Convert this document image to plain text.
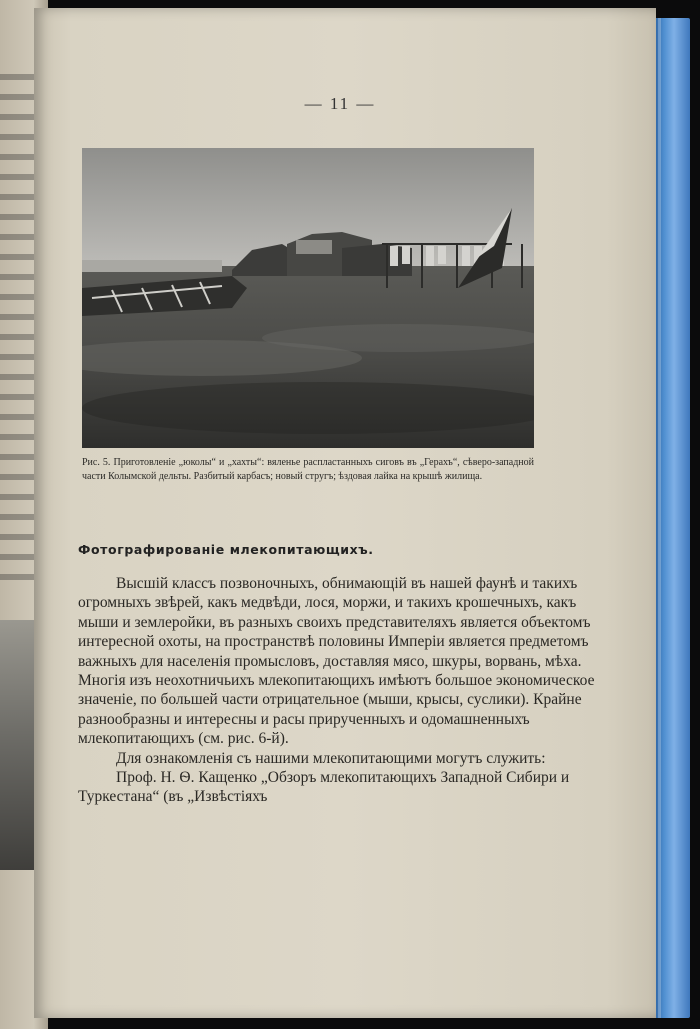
— 11 —
Рис. 5. Приготовленiе „юколы“ и „хахты“: вяленье распластанныхъ сиговъ въ „Герахъ“, сѣверо-западной части Колымской дельты. Разбитый карбасъ; новый стругъ; ѣздовая лайка на крышѣ жилища.
Фотографированiе млекопитающихъ.

Высшiй классъ позвоночныхъ, обнимающiй въ нашей фаунѣ и такихъ огромныхъ звѣрей, какъ медвѣди, лося, моржи, и такихъ крошечныхъ, какъ мыши и землеройки, въ разныхъ своихъ представителяхъ является объектомъ интересной охоты, на пространствѣ половины Имперiи является предметомъ важныхъ для населенiя промысловъ, доставляя мясо, шкуры, ворвань, мѣха. Многiя изъ неохотничьихъ млекопитающихъ имѣютъ большое экономическое значенiе, по большей части отрицательное (мыши, крысы, суслики). Крайне разнообразны и интересны и расы прирученныхъ и одомашненныхъ млекопитающихъ (см. рис. 6-й).

Для ознакомленiя съ нашими млекопитающими могутъ служить:

Проф. Н. Ѳ. Кащенко „Обзоръ млекопитающихъ Западной Сибири и Туркестана“ (въ „Извѣстiяхъ
